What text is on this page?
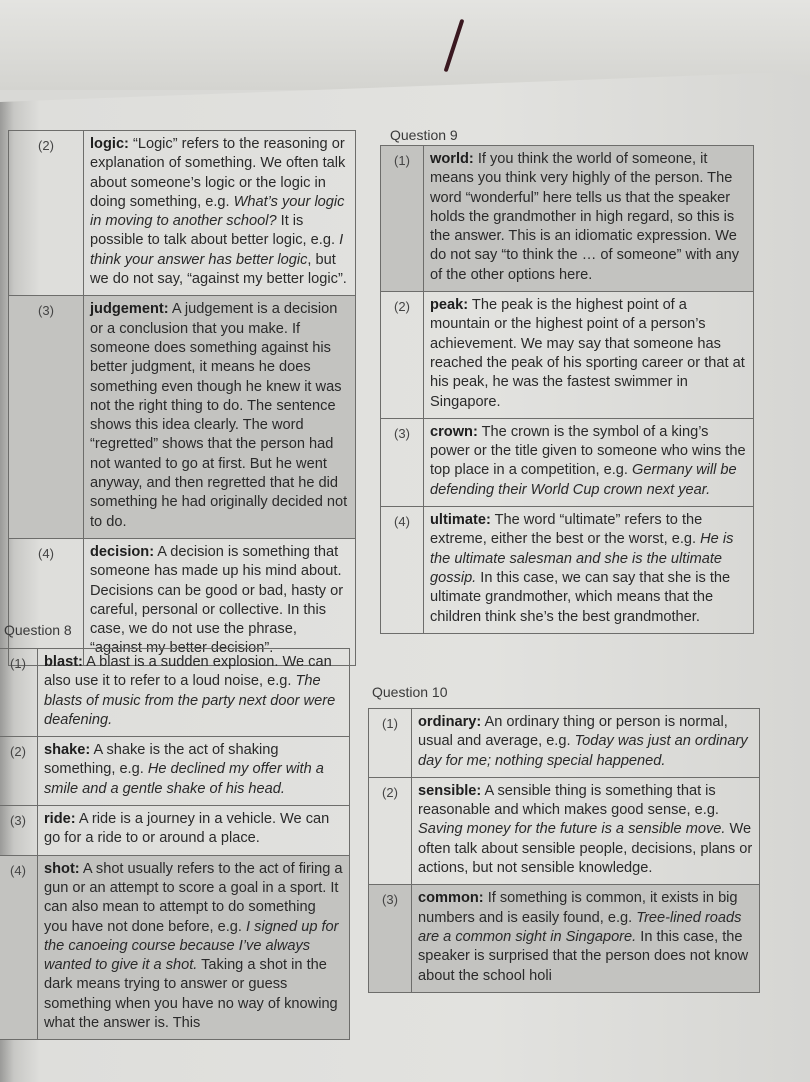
(2)	logic: “Logic” refers to the reasoning or explanation of something. We often talk about someone’s logic or the logic in doing something, e.g. What’s your logic in moving to another school? It is possible to talk about better logic, e.g. I think your answer has better logic, but we do not say, “against my better logic”.
(3)	judgement: A judgement is a decision or a conclusion that you make. If someone does something against his better judgment, it means he does something even though he knew it was not the right thing to do. The sentence shows this idea clearly. The word “regretted” shows that the person had not wanted to go at first. But he went anyway, and then regretted that he did something he had originally decided not to do.
(4)	decision: A decision is something that someone has made up his mind about. Decisions can be good or bad, hasty or careful, personal or collective. In this case, we do not use the phrase, “against my better decision”.
Question 8
(1)	blast: A blast is a sudden explosion. We can also use it to refer to a loud noise, e.g. The blasts of music from the party next door were deafening.
(2)	shake: A shake is the act of shaking something, e.g. He declined my offer with a smile and a gentle shake of his head.
(3)	ride: A ride is a journey in a vehicle. We can go for a ride to or around a place.
(4)	shot: A shot usually refers to the act of firing a gun or an attempt to score a goal in a sport. It can also mean to attempt to do something you have not done before, e.g. I signed up for the canoeing course because I’ve always wanted to give it a shot. Taking a shot in the dark means trying to answer or guess something when you have no way of knowing what the answer is. This
Question 9
(1)	world: If you think the world of someone, it means you think very highly of the person. The word “wonderful” here tells us that the speaker holds the grandmother in high regard, so this is the answer. This is an idiomatic expression. We do not say “to think the … of someone” with any of the other options here.
(2)	peak: The peak is the highest point of a mountain or the highest point of a person’s achievement. We may say that someone has reached the peak of his sporting career or that at his peak, he was the fastest swimmer in Singapore.
(3)	crown: The crown is the symbol of a king’s power or the title given to someone who wins the top place in a competition, e.g. Germany will be defending their World Cup crown next year.
(4)	ultimate: The word “ultimate” refers to the extreme, either the best or the worst, e.g. He is the ultimate salesman and she is the ultimate gossip. In this case, we can say that she is the ultimate grandmother, which means that the children think she’s the best grandmother.
Question 10
(1)	ordinary: An ordinary thing or person is normal, usual and average, e.g. Today was just an ordinary day for me; nothing special happened.
(2)	sensible: A sensible thing is something that is reasonable and which makes good sense, e.g. Saving money for the future is a sensible move. We often talk about sensible people, decisions, plans or actions, but not sensible knowledge.
(3)	common: If something is common, it exists in big numbers and is easily found, e.g. Tree-lined roads are a common sight in Singapore. In this case, the speaker is surprised that the person does not know about the school holi
